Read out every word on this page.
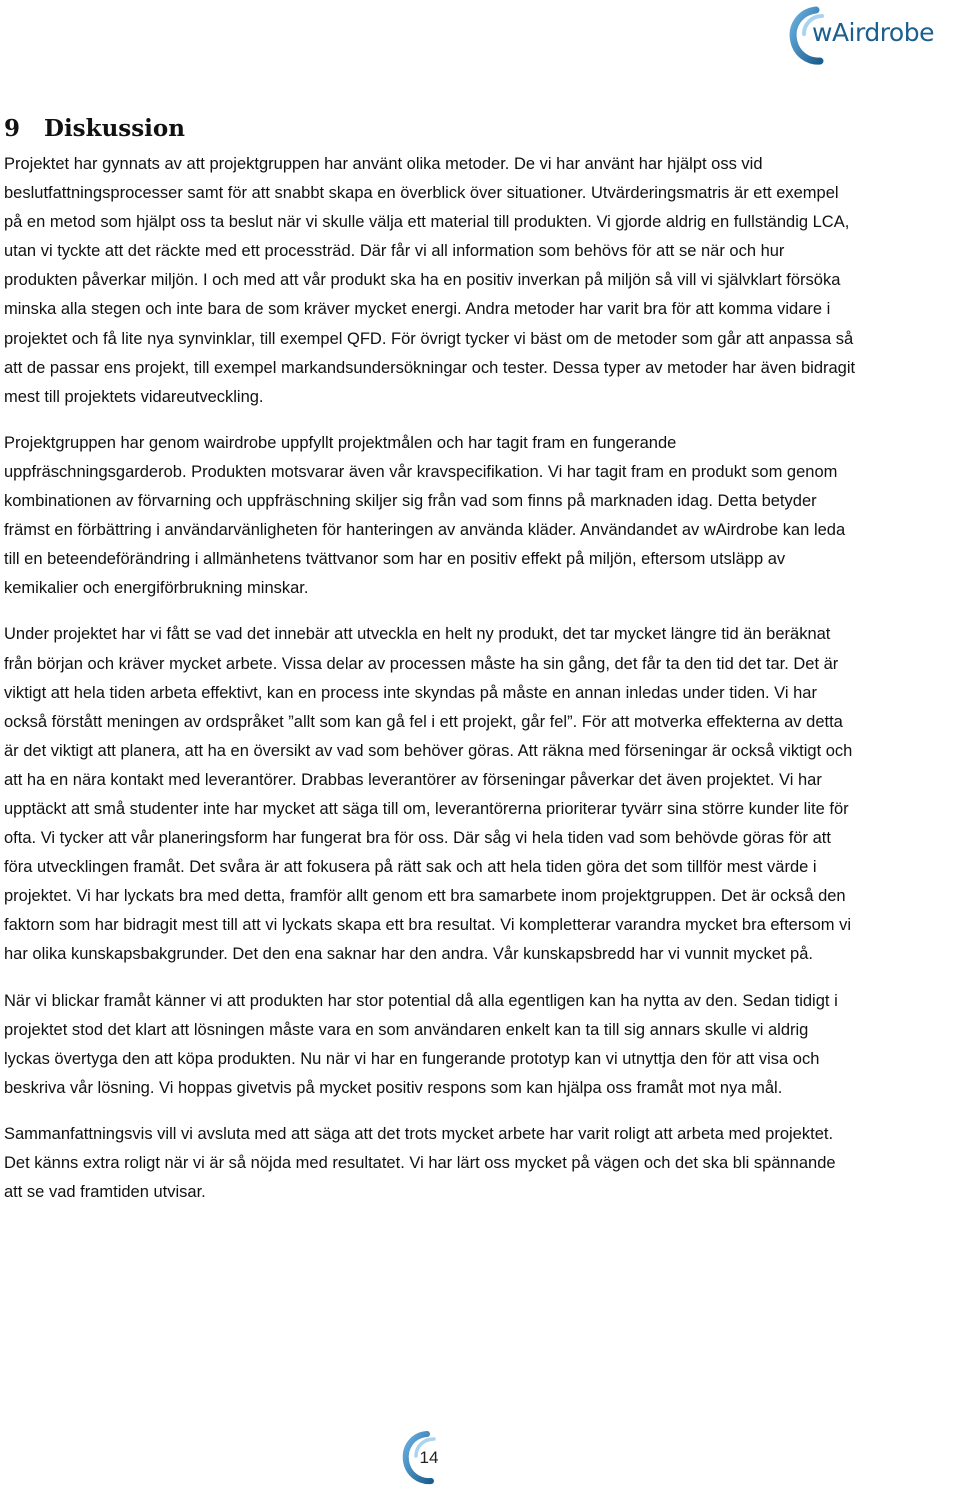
wAirdrobe
9 Diskussion

Projektet har gynnats av att projektgruppen har använt olika metoder. De vi har använt har hjälpt oss vid beslutfattningsprocesser samt för att snabbt skapa en överblick över situationer. Utvärderingsmatris är ett exempel på en metod som hjälpt oss ta beslut när vi skulle välja ett material till produkten. Vi gjorde aldrig en fullständig LCA, utan vi tyckte att det räckte med ett processträd. Där får vi all information som behövs för att se när och hur produkten påverkar miljön. I och med att vår produkt ska ha en positiv inverkan på miljön så vill vi självklart försöka minska alla stegen och inte bara de som kräver mycket energi. Andra metoder har varit bra för att komma vidare i projektet och få lite nya synvinklar, till exempel QFD. För övrigt tycker vi bäst om de metoder som går att anpassa så att de passar ens projekt, till exempel markandsundersökningar och tester. Dessa typer av metoder har även bidragit mest till projektets vidareutveckling.

Projektgruppen har genom wairdrobe uppfyllt projektmålen och har tagit fram en fungerande uppfräschningsgarderob. Produkten motsvarar även vår kravspecifikation. Vi har tagit fram en produkt som genom kombinationen av förvarning och uppfräschning skiljer sig från vad som finns på marknaden idag. Detta betyder främst en förbättring i användarvänligheten för hanteringen av använda kläder. Användandet av wAirdrobe kan leda till en beteendeförändring i allmänhetens tvättvanor som har en positiv effekt på miljön, eftersom utsläpp av kemikalier och energiförbrukning minskar.

Under projektet har vi fått se vad det innebär att utveckla en helt ny produkt, det tar mycket längre tid än beräknat från början och kräver mycket arbete. Vissa delar av processen måste ha sin gång, det får ta den tid det tar. Det är viktigt att hela tiden arbeta effektivt, kan en process inte skyndas på måste en annan inledas under tiden. Vi har också förstått meningen av ordspråket ”allt som kan gå fel i ett projekt, går fel”. För att motverka effekterna av detta är det viktigt att planera, att ha en översikt av vad som behöver göras. Att räkna med förseningar är också viktigt och att ha en nära kontakt med leverantörer. Drabbas leverantörer av förseningar påverkar det även projektet. Vi har upptäckt att små studenter inte har mycket att säga till om, leverantörerna prioriterar tyvärr sina större kunder lite för ofta. Vi tycker att vår planeringsform har fungerat bra för oss. Där såg vi hela tiden vad som behövde göras för att föra utvecklingen framåt. Det svåra är att fokusera på rätt sak och att hela tiden göra det som tillför mest värde i projektet. Vi har lyckats bra med detta, framför allt genom ett bra samarbete inom projektgruppen. Det är också den faktorn som har bidragit mest till att vi lyckats skapa ett bra resultat. Vi kompletterar varandra mycket bra eftersom vi har olika kunskapsbakgrunder. Det den ena saknar har den andra. Vår kunskapsbredd har vi vunnit mycket på.

När vi blickar framåt känner vi att produkten har stor potential då alla egentligen kan ha nytta av den. Sedan tidigt i projektet stod det klart att lösningen måste vara en som användaren enkelt kan ta till sig annars skulle vi aldrig lyckas övertyga den att köpa produkten. Nu när vi har en fungerande prototyp kan vi utnyttja den för att visa och beskriva vår lösning. Vi hoppas givetvis på mycket positiv respons som kan hjälpa oss framåt mot nya mål.

Sammanfattningsvis vill vi avsluta med att säga att det trots mycket arbete har varit roligt att arbeta med projektet. Det känns extra roligt när vi är så nöjda med resultatet. Vi har lärt oss mycket på vägen och det ska bli spännande att se vad framtiden utvisar.

14
